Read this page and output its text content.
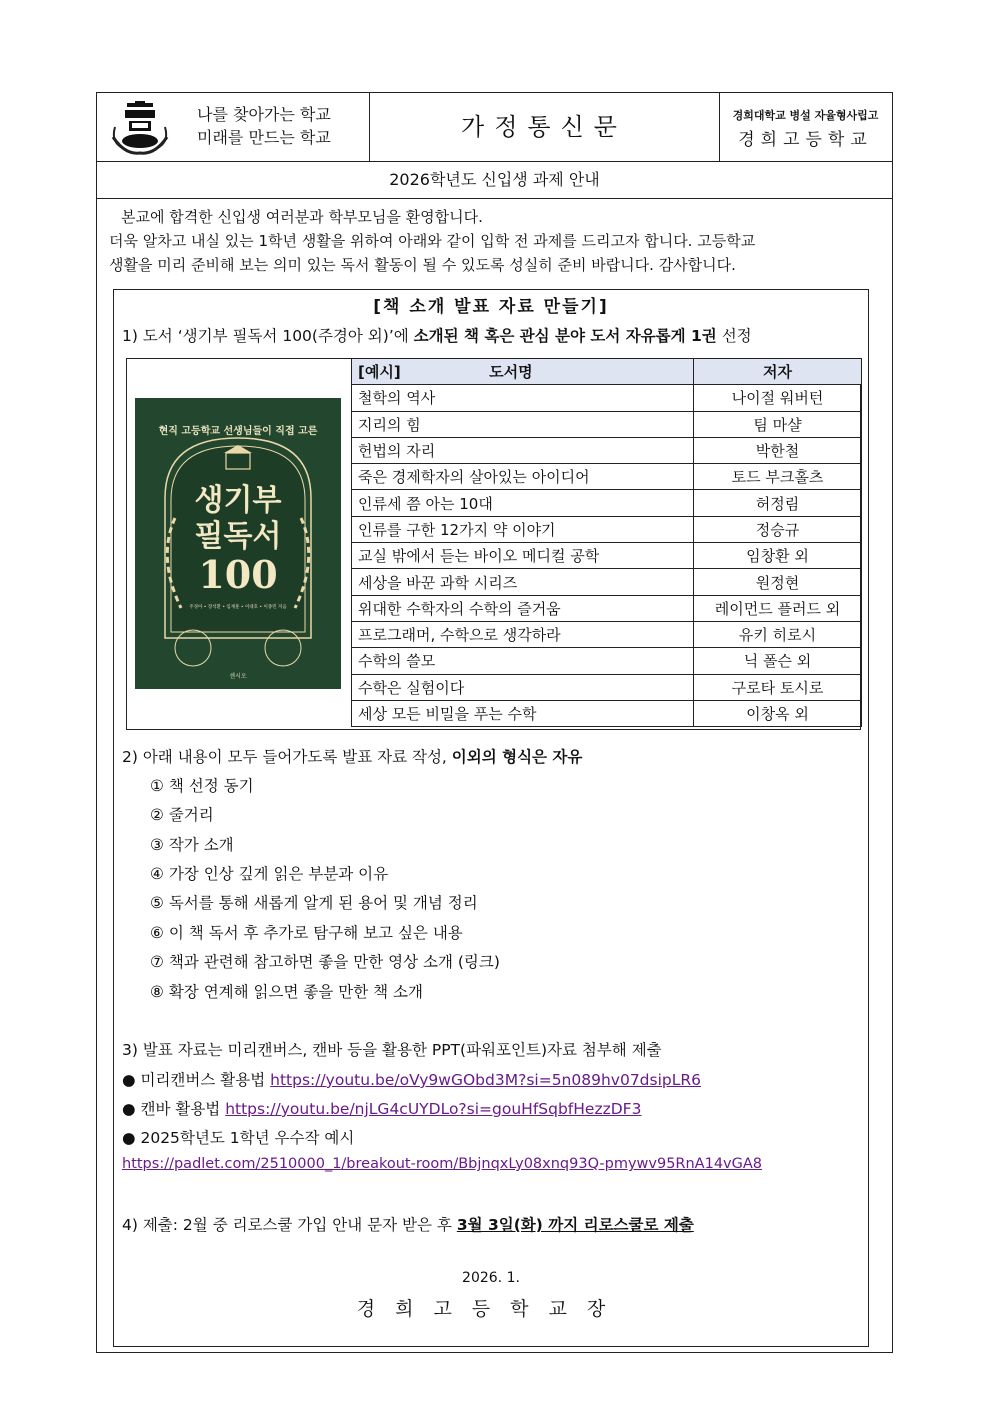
나를 찾아가는 학교
미래를 만드는 학교	가정통신문	경희대학교 병설 자율형사립고
경희고등학교
2026학년도 신입생 과제 안내

본교에 합격한 신입생 여러분과 학부모님을 환영합니다.

더욱 알차고 내실 있는 1학년 생활을 위하여 아래와 같이 입학 전 과제를 드리고자 합니다. 고등학교

생활을 미리 준비해 보는 의미 있는 독서 활동이 될 수 있도록 성실히 준비 바랍니다. 감사합니다.

[책 소개 발표 자료 만들기]
1) 도서 ‘생기부 필독서 100(주경아 외)’에 소개된 책 혹은 관심 분야 도서 자유롭게 1권 선정
현직 고등학교 선생님들이 직접 고른
생기부
필독서
100
주경아 • 장석환 • 임재훈 • 이대호 • 이종민 지음
센시오
[예시] 도서명	저자
철학의 역사	나이절 워버턴
지리의 힘	팀 마샬
헌법의 자리	박한철
죽은 경제학자의 살아있는 아이디어	토드 부크홀츠
인류세 쯤 아는 10대	허정림
인류를 구한 12가지 약 이야기	정승규
교실 밖에서 듣는 바이오 메디컬 공학	임창환 외
세상을 바꾼 과학 시리즈	원정현
위대한 수학자의 수학의 즐거움	레이먼드 플러드 외
프로그래머, 수학으로 생각하라	유키 히로시
수학의 쓸모	닉 폴슨 외
수학은 실험이다	구로타 토시로
세상 모든 비밀을 푸는 수학	이창옥 외
2) 아래 내용이 모두 들어가도록 발표 자료 작성, 이외의 형식은 자유
① 책 선정 동기
② 줄거리
③ 작가 소개
④ 가장 인상 깊게 읽은 부분과 이유
⑤ 독서를 통해 새롭게 알게 된 용어 및 개념 정리
⑥ 이 책 독서 후 추가로 탐구해 보고 싶은 내용
⑦ 책과 관련해 참고하면 좋을 만한 영상 소개 (링크)
⑧ 확장 연계해 읽으면 좋을 만한 책 소개
3) 발표 자료는 미리캔버스, 캔바 등을 활용한 PPT(파워포인트)자료 첨부해 제출
● 미리캔버스 활용법 https://youtu.be/oVy9wGObd3M?si=5n089hv07dsipLR6
● 캔바 활용법 https://youtu.be/njLG4cUYDLo?si=gouHfSqbfHezzDF3
● 2025학년도 1학년 우수작 예시
https://padlet.com/2510000_1/breakout-room/BbjnqxLy08xnq93Q-pmywv95RnA14vGA8
4) 제출: 2월 중 리로스쿨 가입 안내 문자 받은 후 3월 3일(화) 까지 리로스쿨로 제출
2026. 1.
경희고등학교장
